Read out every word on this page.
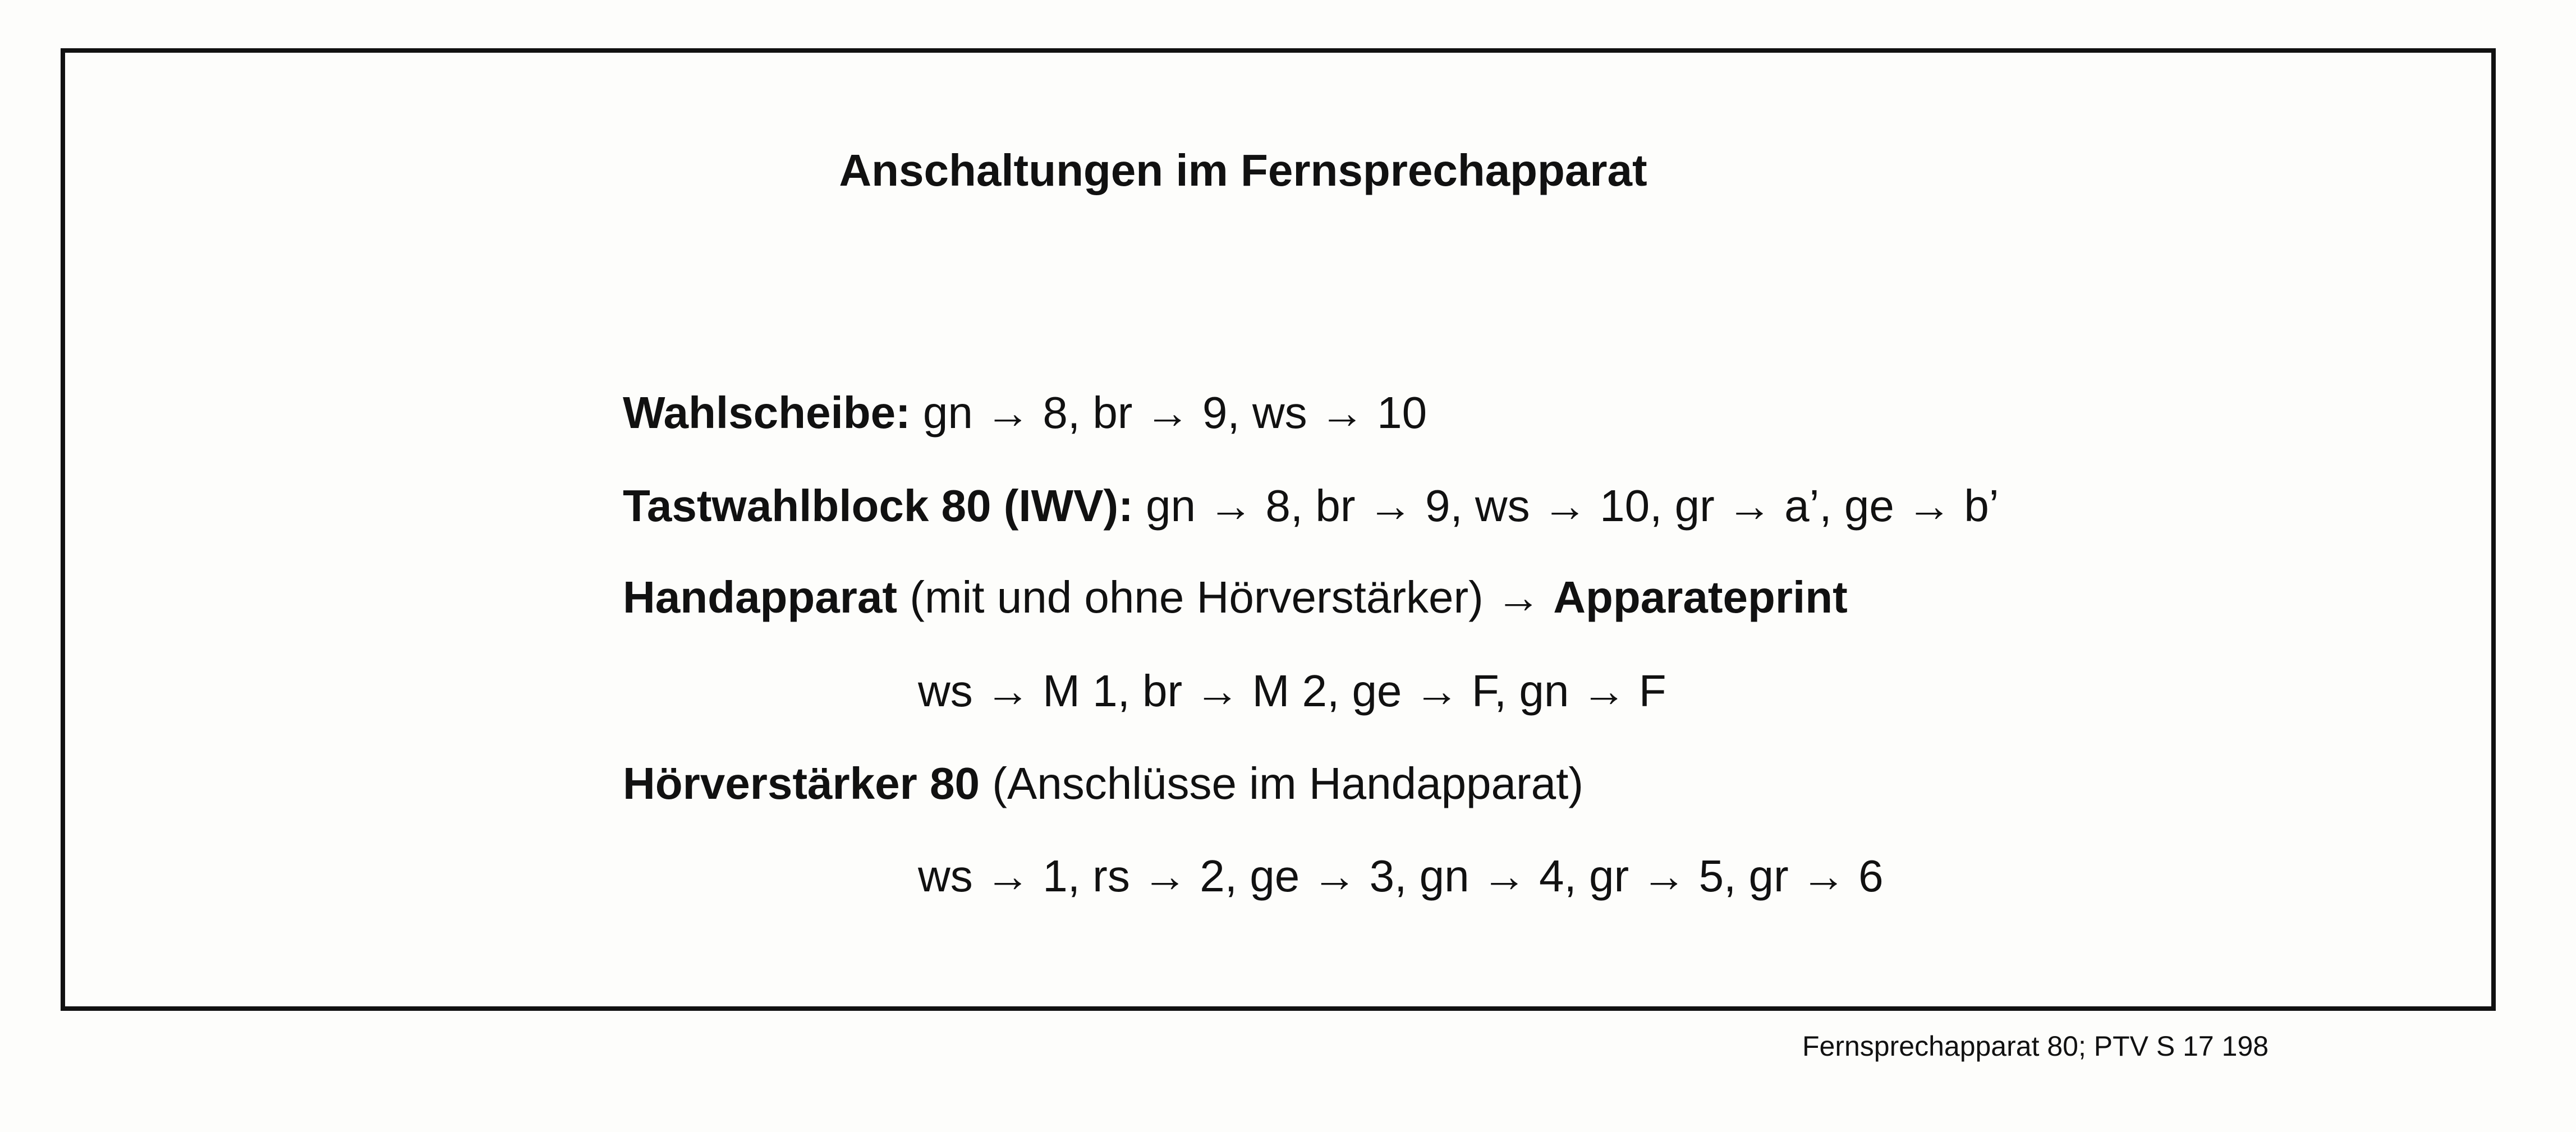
Anschaltungen im Fernsprechapparat
Wahlscheibe: gn → 8, br → 9, ws → 10
Tastwahlblock 80 (IWV): gn → 8, br → 9, ws → 10, gr → a’, ge → b’
Handapparat (mit und ohne Hörverstärker) → Apparateprint
ws → M 1, br → M 2, ge → F, gn → F
Hörverstärker 80 (Anschlüsse im Handapparat)
ws → 1, rs → 2, ge → 3, gn → 4, gr → 5, gr → 6
Fernsprechapparat 80; PTV S 17 198
